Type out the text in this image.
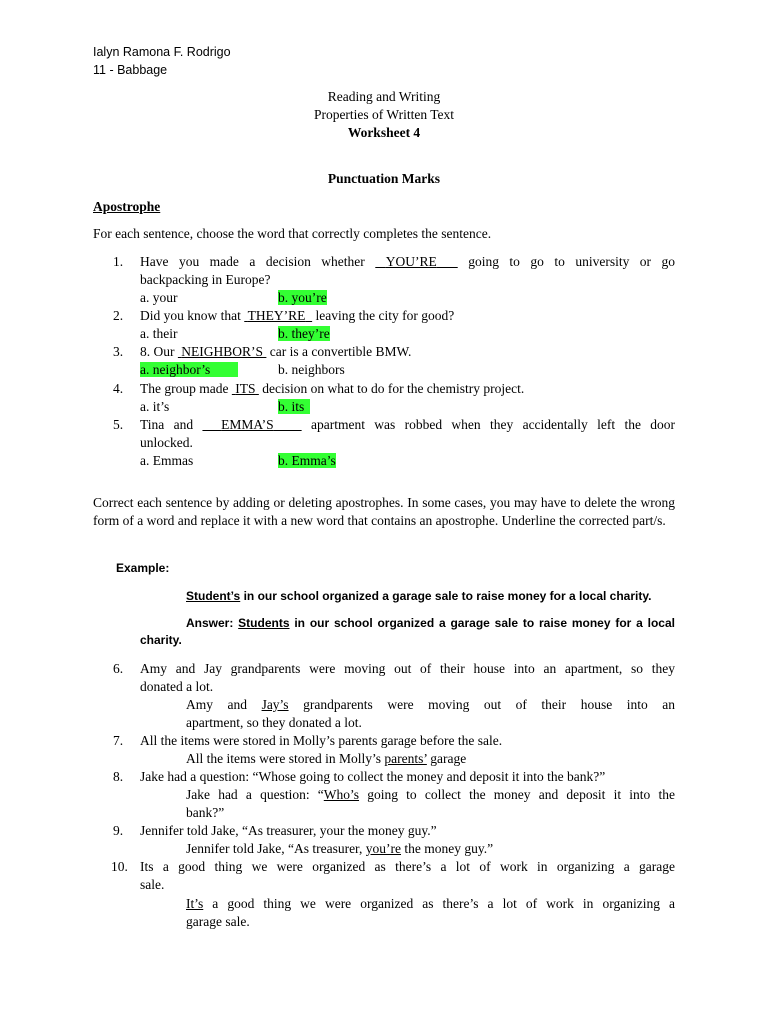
Ialyn Ramona F. Rodrigo
11 - Babbage
Reading and Writing
Properties of Written Text
Worksheet 4
Punctuation Marks
Apostrophe
For each sentence, choose the word that correctly completes the sentence.
1.	Have you made a decision whether YOU’RE going to go to university or go
backpacking in Europe?
a. your	b. you’re
2.	Did you know that THEY’RE leaving the city for good?
a. their	b. they’re
3.	8. Our NEIGHBOR’S car is a convertible BMW.
a. neighbor’s	b. neighbors
4.	The group made ITS decision on what to do for the chemistry project.
a. it’s	b. its
5.	Tina and EMMA’S	apartment was robbed when they accidentally left the door
unlocked.
a. Emmas	b. Emma’s
Correct each sentence by adding or deleting apostrophes. In some cases, you may have to delete the wrong form of a word and replace it with a new word that contains an apostrophe. Underline the corrected part/s.
Example:
Student’s in our school organized a garage sale to raise money for a local charity.
Answer: Students in our school organized a garage sale to raise money for a local
charity.
6.	Amy and Jay grandparents were moving out of their house into an apartment, so they
donated a lot.
Amy and Jay’s grandparents were moving out of their house into an
apartment, so they donated a lot.
7.	All the items were stored in Molly’s parents garage before the sale.
All the items were stored in Molly’s parents’ garage
8.	Jake had a question: “Whose going to collect the money and deposit it into the bank?”
Jake had a question: “Who’s going to collect the money and deposit it into the
bank?”
9.	Jennifer told Jake, “As treasurer, your the money guy.”
Jennifer told Jake, “As treasurer, you’re the money guy.”
10. Its a good thing we were organized as there’s a lot of work in organizing a garage
sale.
It’s a good thing we were organized as there’s a lot of work in organizing a
garage sale.
